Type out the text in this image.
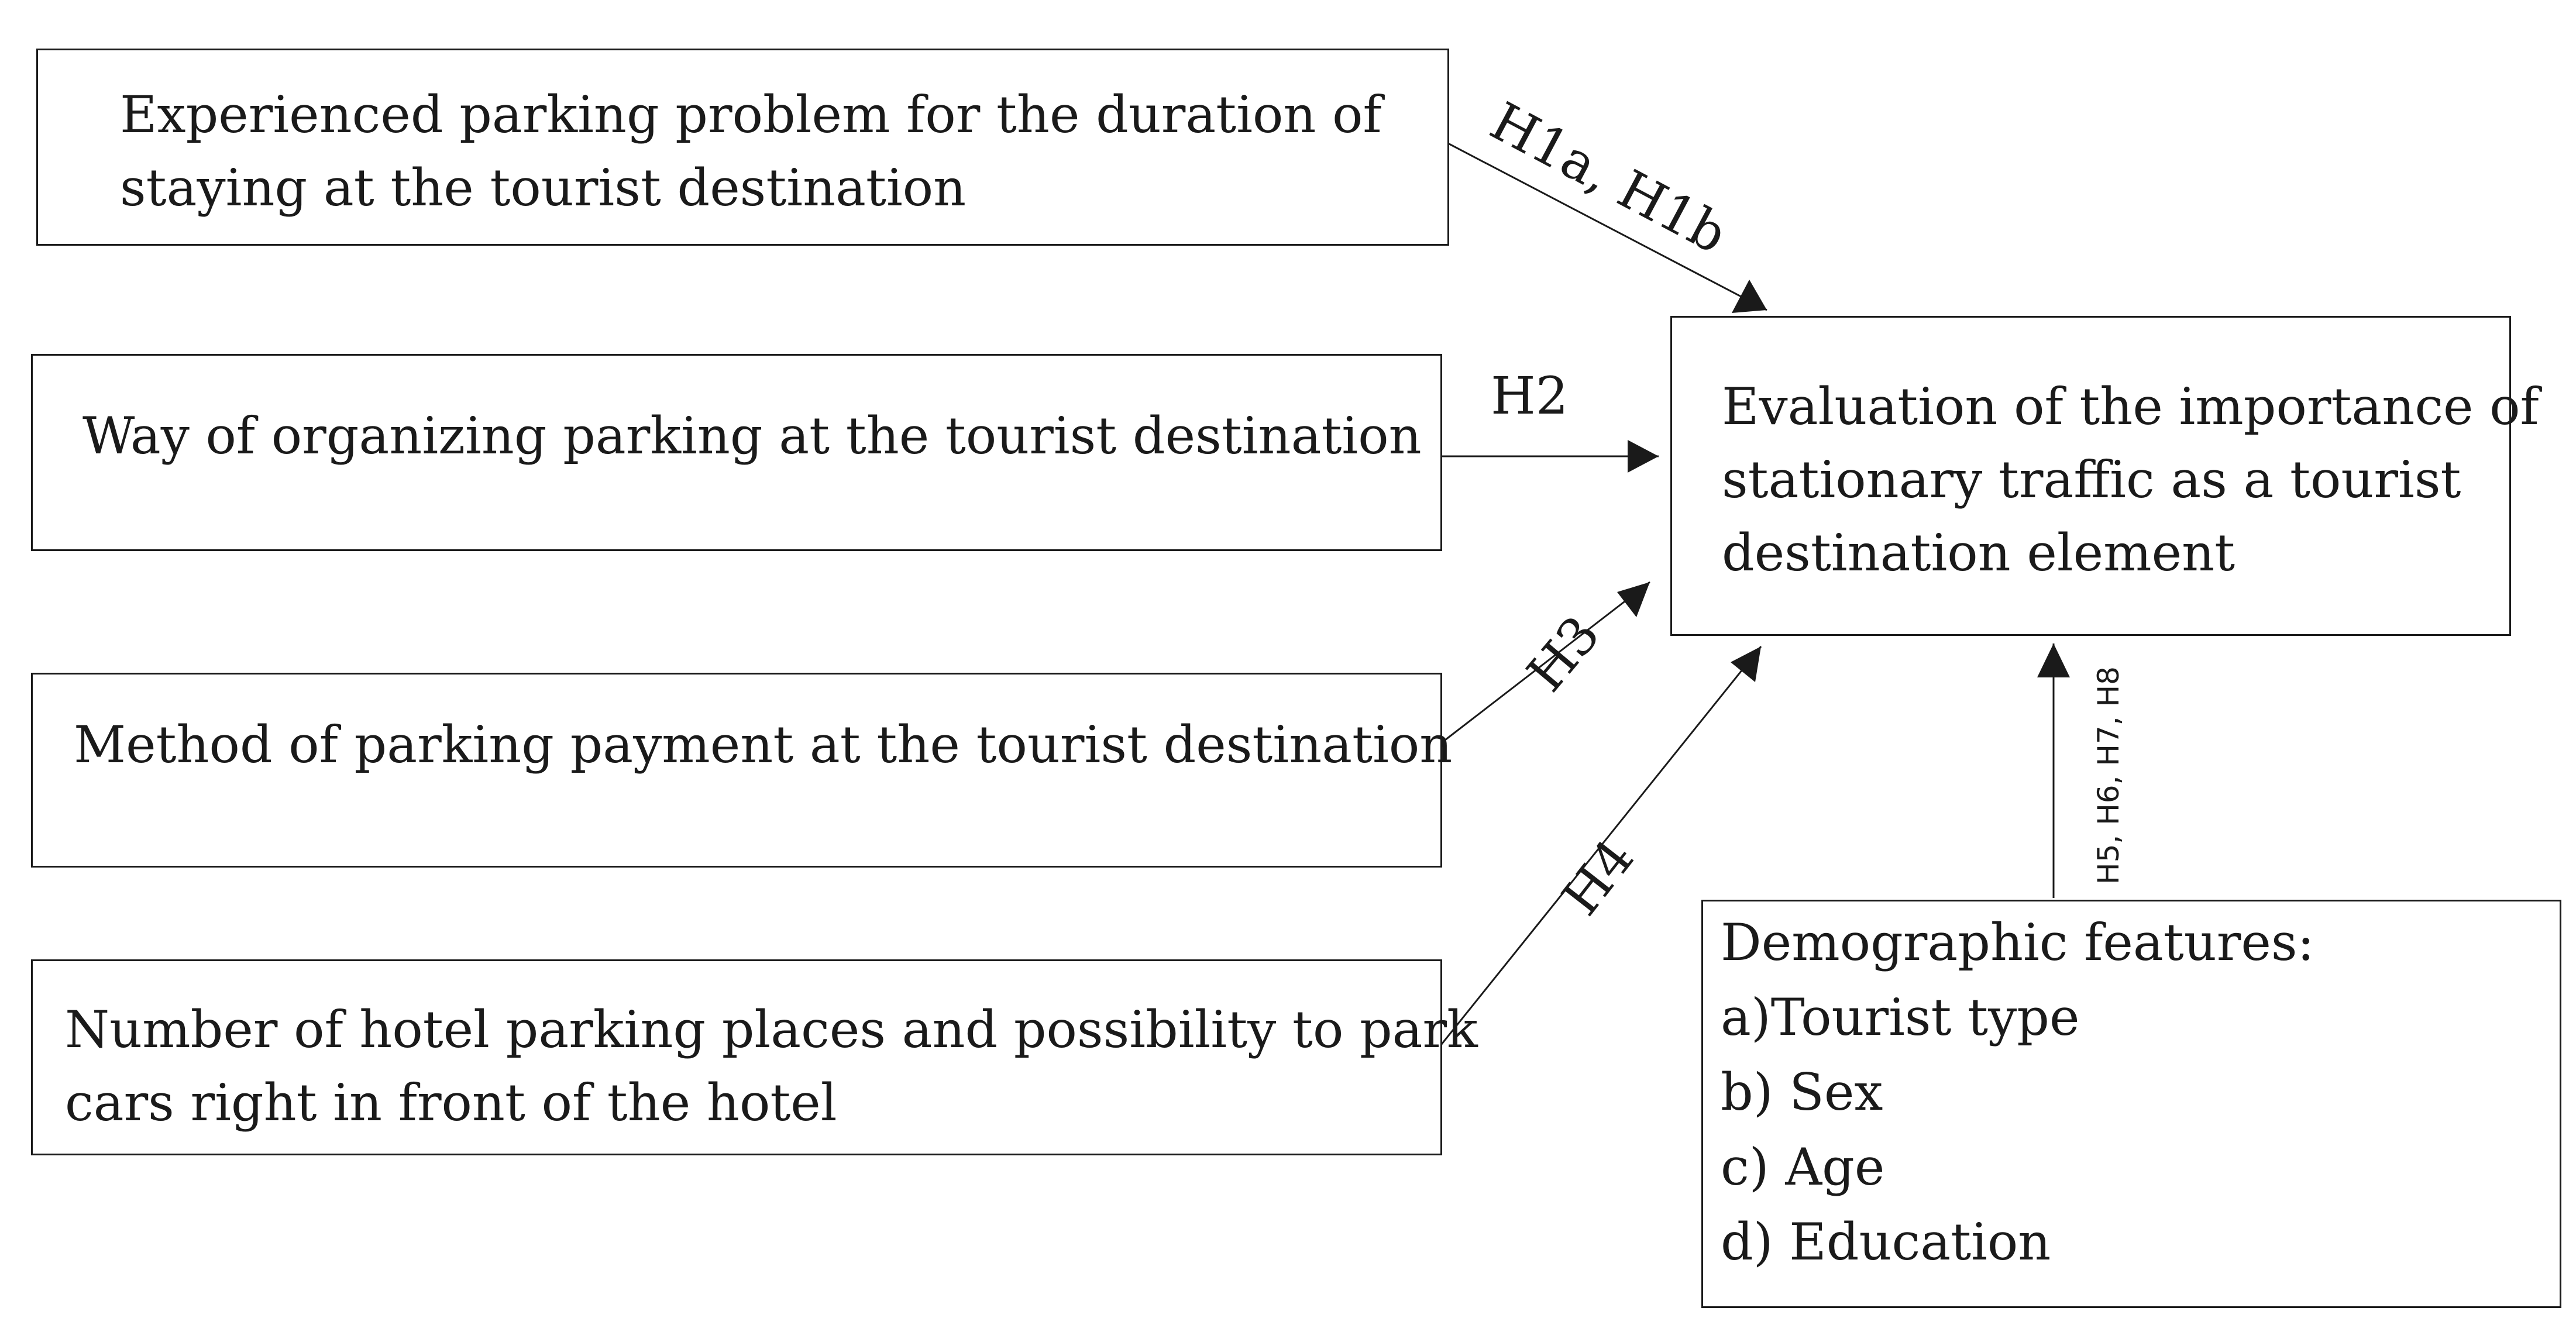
Experienced parking problem for the duration of
staying at the tourist destination
Way of organizing parking at the tourist destination
Method of parking payment at the tourist destination
Number of hotel parking places and possibility to park
cars right in front of the hotel
Evaluation of the importance of
stationary traffic as a tourist
destination element
Demographic features:
a)Tourist type
b) Sex
c) Age
d) Education
H1a, H1b
H2
H3
H4	H5, H6, H7, H8
